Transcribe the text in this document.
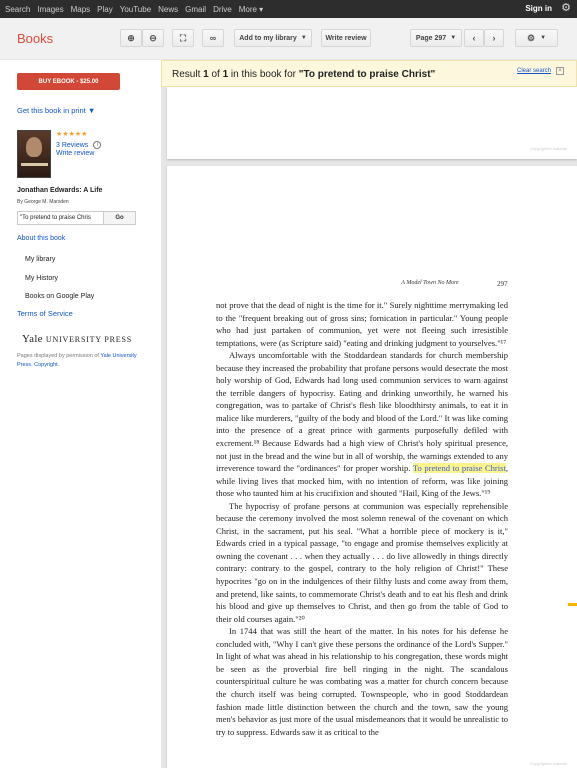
Search Images Maps Play YouTube News Gmail Drive More ▾	Sign in ⚙
Books	⊕ ⊖	⛶	∞	Add to my library ▼	Write review	Page 297 ▼ ‹ ›	⚙ ▼
BUY EBOOK - $25.00
Get this book in print ▼
★★★★★
3 Reviews i
Write review
Jonathan Edwards: A Life
By George M. Marsden
"To pretend to praise Chris	Go
About this book
My library
My History
Books on Google Play
Terms of Service
Yale UNIVERSITY PRESS
Pages displayed by permission of Yale University Press. Copyright.
Result 1 of 1 in this book for "To pretend to praise Christ"	Clear search	×
Copyrighted material
A Model Town No More	297

not prove that the dead of night is the time for it." Surely nighttime merrymaking led to the "frequent breaking out of gross sins; fornication in particular." Young people who had just partaken of communion, yet were not fleeing such irresistible temptations, were (as Scripture said) "eating and drinking judgment to yourselves."¹⁷

Always uncomfortable with the Stoddardean standards for church membership because they increased the probability that profane persons would desecrate the most holy worship of God, Edwards had long used communion services to warn against the terrible dangers of hypocrisy. Eating and drinking unworthily, he warned his congregation, was to partake of Christ's flesh like bloodthirsty animals, to eat it in malice like murderers, "guilty of the body and blood of the Lord." It was like coming into the presence of a great prince with garments purposefully defiled with excrement.¹⁸ Because Edwards had a high view of Christ's holy spiritual presence, not just in the bread and the wine but in all of worship, the warnings extended to any irreverence toward the "ordinances" for proper worship. To pretend to praise Christ, while living lives that mocked him, with no intention of reform, was like joining those who taunted him at his crucifixion and shouted "Hail, King of the Jews."¹⁹

The hypocrisy of profane persons at communion was especially reprehensible because the ceremony involved the most solemn renewal of the covenant on which Christ, in the sacrament, put his seal. "What a horrible piece of mockery is it," Edwards cried in a typical passage, "to engage and promise themselves explicitly at owning the covenant . . . when they actually . . . do live allowedly in things directly contrary: contrary to the gospel, contrary to the holy religion of Christ!" These hypocrites "go on in the indulgences of their filthy lusts and come away from them, and pretend, like saints, to commemorate Christ's death and to eat his flesh and drink his blood and give up themselves to Christ, and then go from the table of God to their old courses again."²⁰

In 1744 that was still the heart of the matter. In his notes for his defense he concluded with, "Why I can't give these persons the ordinance of the Lord's Supper." In light of what was ahead in his relationship to his congregation, these words might be seen as the proverbial fire bell ringing in the night. The scandalous counterspiritual culture he was combating was a matter for church concern because the church itself was being corrupted. Townspeople, who in good Stoddardean fashion made little distinction between the church and the town, saw the young men's behavior as just more of the usual misdemeanors that it would be unrealistic to try to suppress. Edwards saw it as critical to the

Copyrighted material
